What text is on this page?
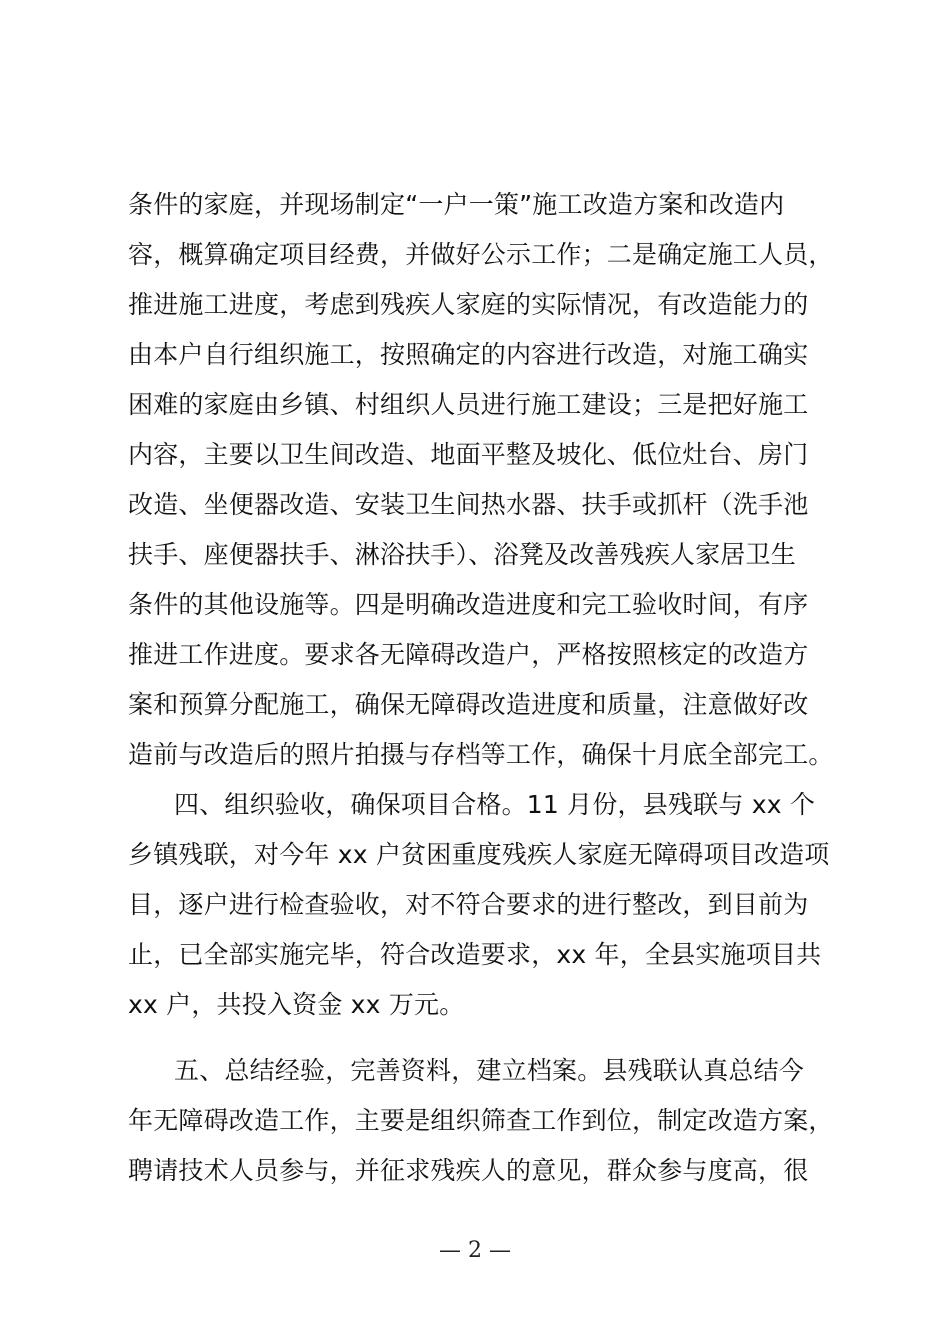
条件的家庭，并现场制定“一户一策”施工改造方案和改造内
容，概算确定项目经费，并做好公示工作；二是确定施工人员，
推进施工进度，考虑到残疾人家庭的实际情况，有改造能力的
由本户自行组织施工，按照确定的内容进行改造，对施工确实
困难的家庭由乡镇、村组织人员进行施工建设；三是把好施工
内容，主要以卫生间改造、地面平整及坡化、低位灶台、房门
改造、坐便器改造、安装卫生间热水器、扶手或抓杆（洗手池
扶手、座便器扶手、淋浴扶手）、浴凳及改善残疾人家居卫生
条件的其他设施等。四是明确改造进度和完工验收时间，有序
推进工作进度。要求各无障碍改造户，严格按照核定的改造方
案和预算分配施工，确保无障碍改造进度和质量，注意做好改
造前与改造后的照片拍摄与存档等工作，确保十月底全部完工。
四、组织验收，确保项目合格。11 月份，县残联与 xx 个
乡镇残联，对今年 xx 户贫困重度残疾人家庭无障碍项目改造项
目，逐户进行检查验收，对不符合要求的进行整改，到目前为
止，已全部实施完毕，符合改造要求，xx 年，全县实施项目共
xx 户，共投入资金 xx 万元。
五、总结经验，完善资料，建立档案。县残联认真总结今
年无障碍改造工作，主要是组织筛查工作到位，制定改造方案，
聘请技术人员参与，并征求残疾人的意见，群众参与度高，很
— 2 —
